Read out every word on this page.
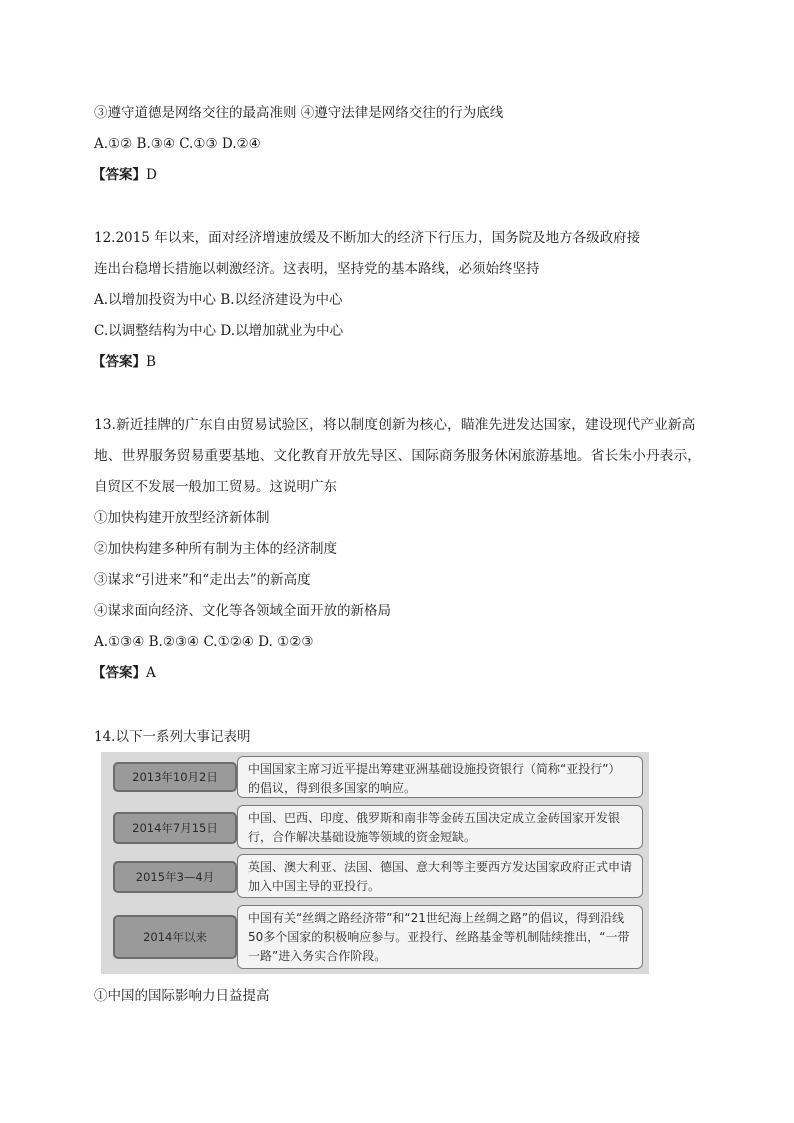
③遵守道德是网络交往的最高准则 ④遵守法律是网络交往的行为底线
A.①② B.③④ C.①③ D.②④
【答案】D
12.2015 年以来，面对经济增速放缓及不断加大的经济下行压力，国务院及地方各级政府接
连出台稳增长措施以刺激经济。这表明，坚持党的基本路线，必须始终坚持
A.以增加投资为中心 B.以经济建设为中心
C.以调整结构为中心 D.以增加就业为中心
【答案】B
13.新近挂牌的广东自由贸易试验区，将以制度创新为核心，瞄准先进发达国家，建设现代产业新高
地、世界服务贸易重要基地、文化教育开放先导区、国际商务服务休闲旅游基地。省长朱小丹表示，
自贸区不发展一般加工贸易。这说明广东
①加快构建开放型经济新体制
②加快构建多种所有制为主体的经济制度
③谋求“引进来”和“走出去”的新高度
④谋求面向经济、文化等各领域全面开放的新格局
A.①③④ B.②③④ C.①②④ D. ①②③
【答案】A
14.以下一系列大事记表明
2013年10月2日
中国国家主席习近平提出筹建亚洲基础设施投资银行（简称“亚投行”）的倡议，得到很多国家的响应。
2014年7月15日
中国、巴西、印度、俄罗斯和南非等金砖五国决定成立金砖国家开发银行，合作解决基础设施等领域的资金短缺。
2015年3—4月
英国、澳大利亚、法国、德国、意大利等主要西方发达国家政府正式申请加入中国主导的亚投行。
2014年以来
中国有关“丝绸之路经济带”和“21世纪海上丝绸之路”的倡议，得到沿线50多个国家的积极响应参与。亚投行、丝路基金等机制陆续推出，“一带一路”进入务实合作阶段。
①中国的国际影响力日益提高
